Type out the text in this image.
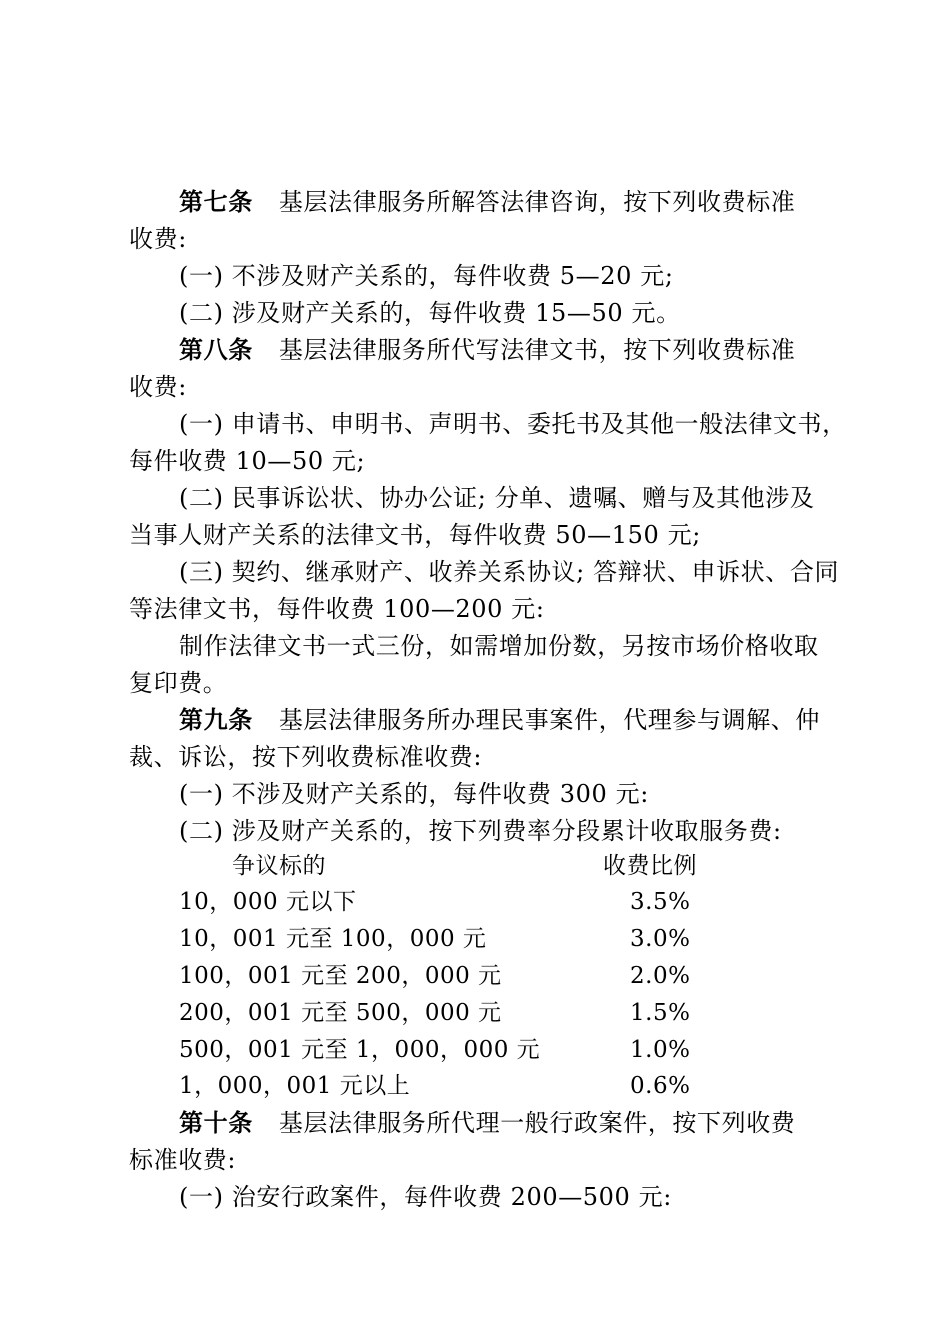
第七条 基层法律服务所解答法律咨询，按下列收费标准
收费:
(一) 不涉及财产关系的，每件收费 5—20 元;
(二) 涉及财产关系的，每件收费 15—50 元。
第八条 基层法律服务所代写法律文书，按下列收费标准
收费:
(一) 申请书、申明书、声明书、委托书及其他一般法律文书，
每件收费 10—50 元;
(二) 民事诉讼状、协办公证; 分单、遗嘱、赠与及其他涉及
当事人财产关系的法律文书，每件收费 50—150 元;
(三) 契约、继承财产、收养关系协议; 答辩状、申诉状、合同
等法律文书，每件收费 100—200 元:
制作法律文书一式三份，如需增加份数，另按市场价格收取
复印费。
第九条 基层法律服务所办理民事案件，代理参与调解、仲
裁、诉讼，按下列收费标准收费:
(一) 不涉及财产关系的，每件收费 300 元:
(二) 涉及财产关系的，按下列费率分段累计收取服务费:
争议标的	收费比例
10，000 元以下	3.5%
10，001 元至 100，000 元	3.0%
100，001 元至 200，000 元	2.0%
200，001 元至 500，000 元	1.5%
500，001 元至 1，000，000 元	1.0%
1，000，001 元以上	0.6%
第十条 基层法律服务所代理一般行政案件，按下列收费
标准收费:
(一) 治安行政案件，每件收费 200—500 元:
